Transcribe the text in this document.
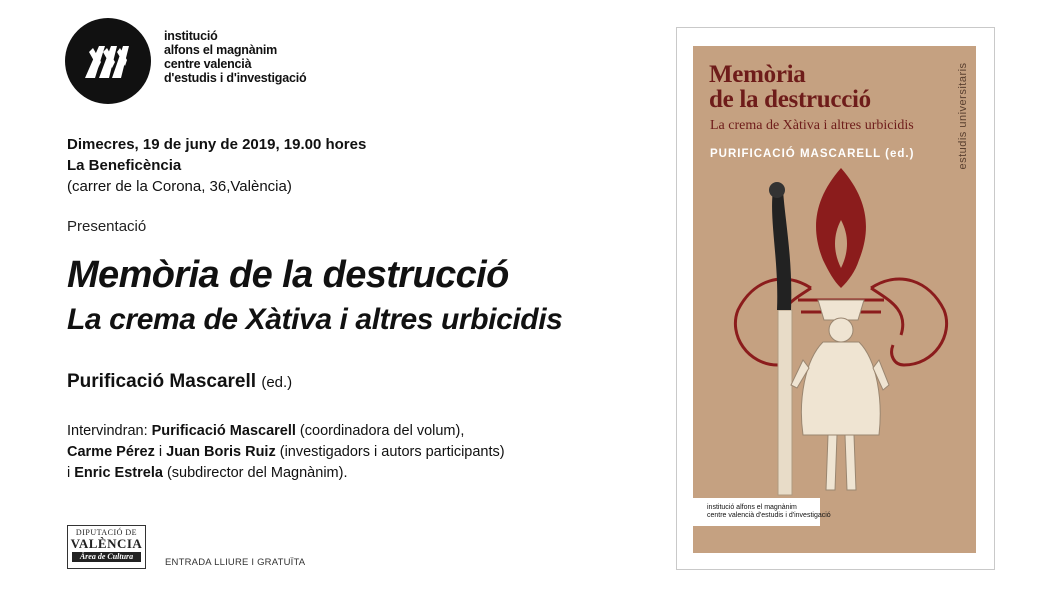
institució
alfons el magnànim
centre valencià
d'estudis i d'investigació
Dimecres, 19 de juny de 2019, 19.00 hores
La Beneficència
(carrer de la Corona, 36,València)
Presentació
Memòria de la destrucció
La crema de Xàtiva i altres urbicidis
Purificació Mascarell (ed.)
Intervindran: Purificació Mascarell (coordinadora del volum),
Carme Pérez i Juan Boris Ruiz (investigadors i autors participants)
i Enric Estrela (subdirector del Magnànim).
DIPUTACIÓ DE
VALÈNCIA
Àrea de Cultura
ENTRADA LLIURE I GRATUÏTA
Memòria
de la destrucció
La crema de Xàtiva i altres urbicidis
PURIFICACIÓ MASCARELL (ed.)	estudis universitaris
institució alfons el magnànim
centre valencià d'estudis i d'investigació
